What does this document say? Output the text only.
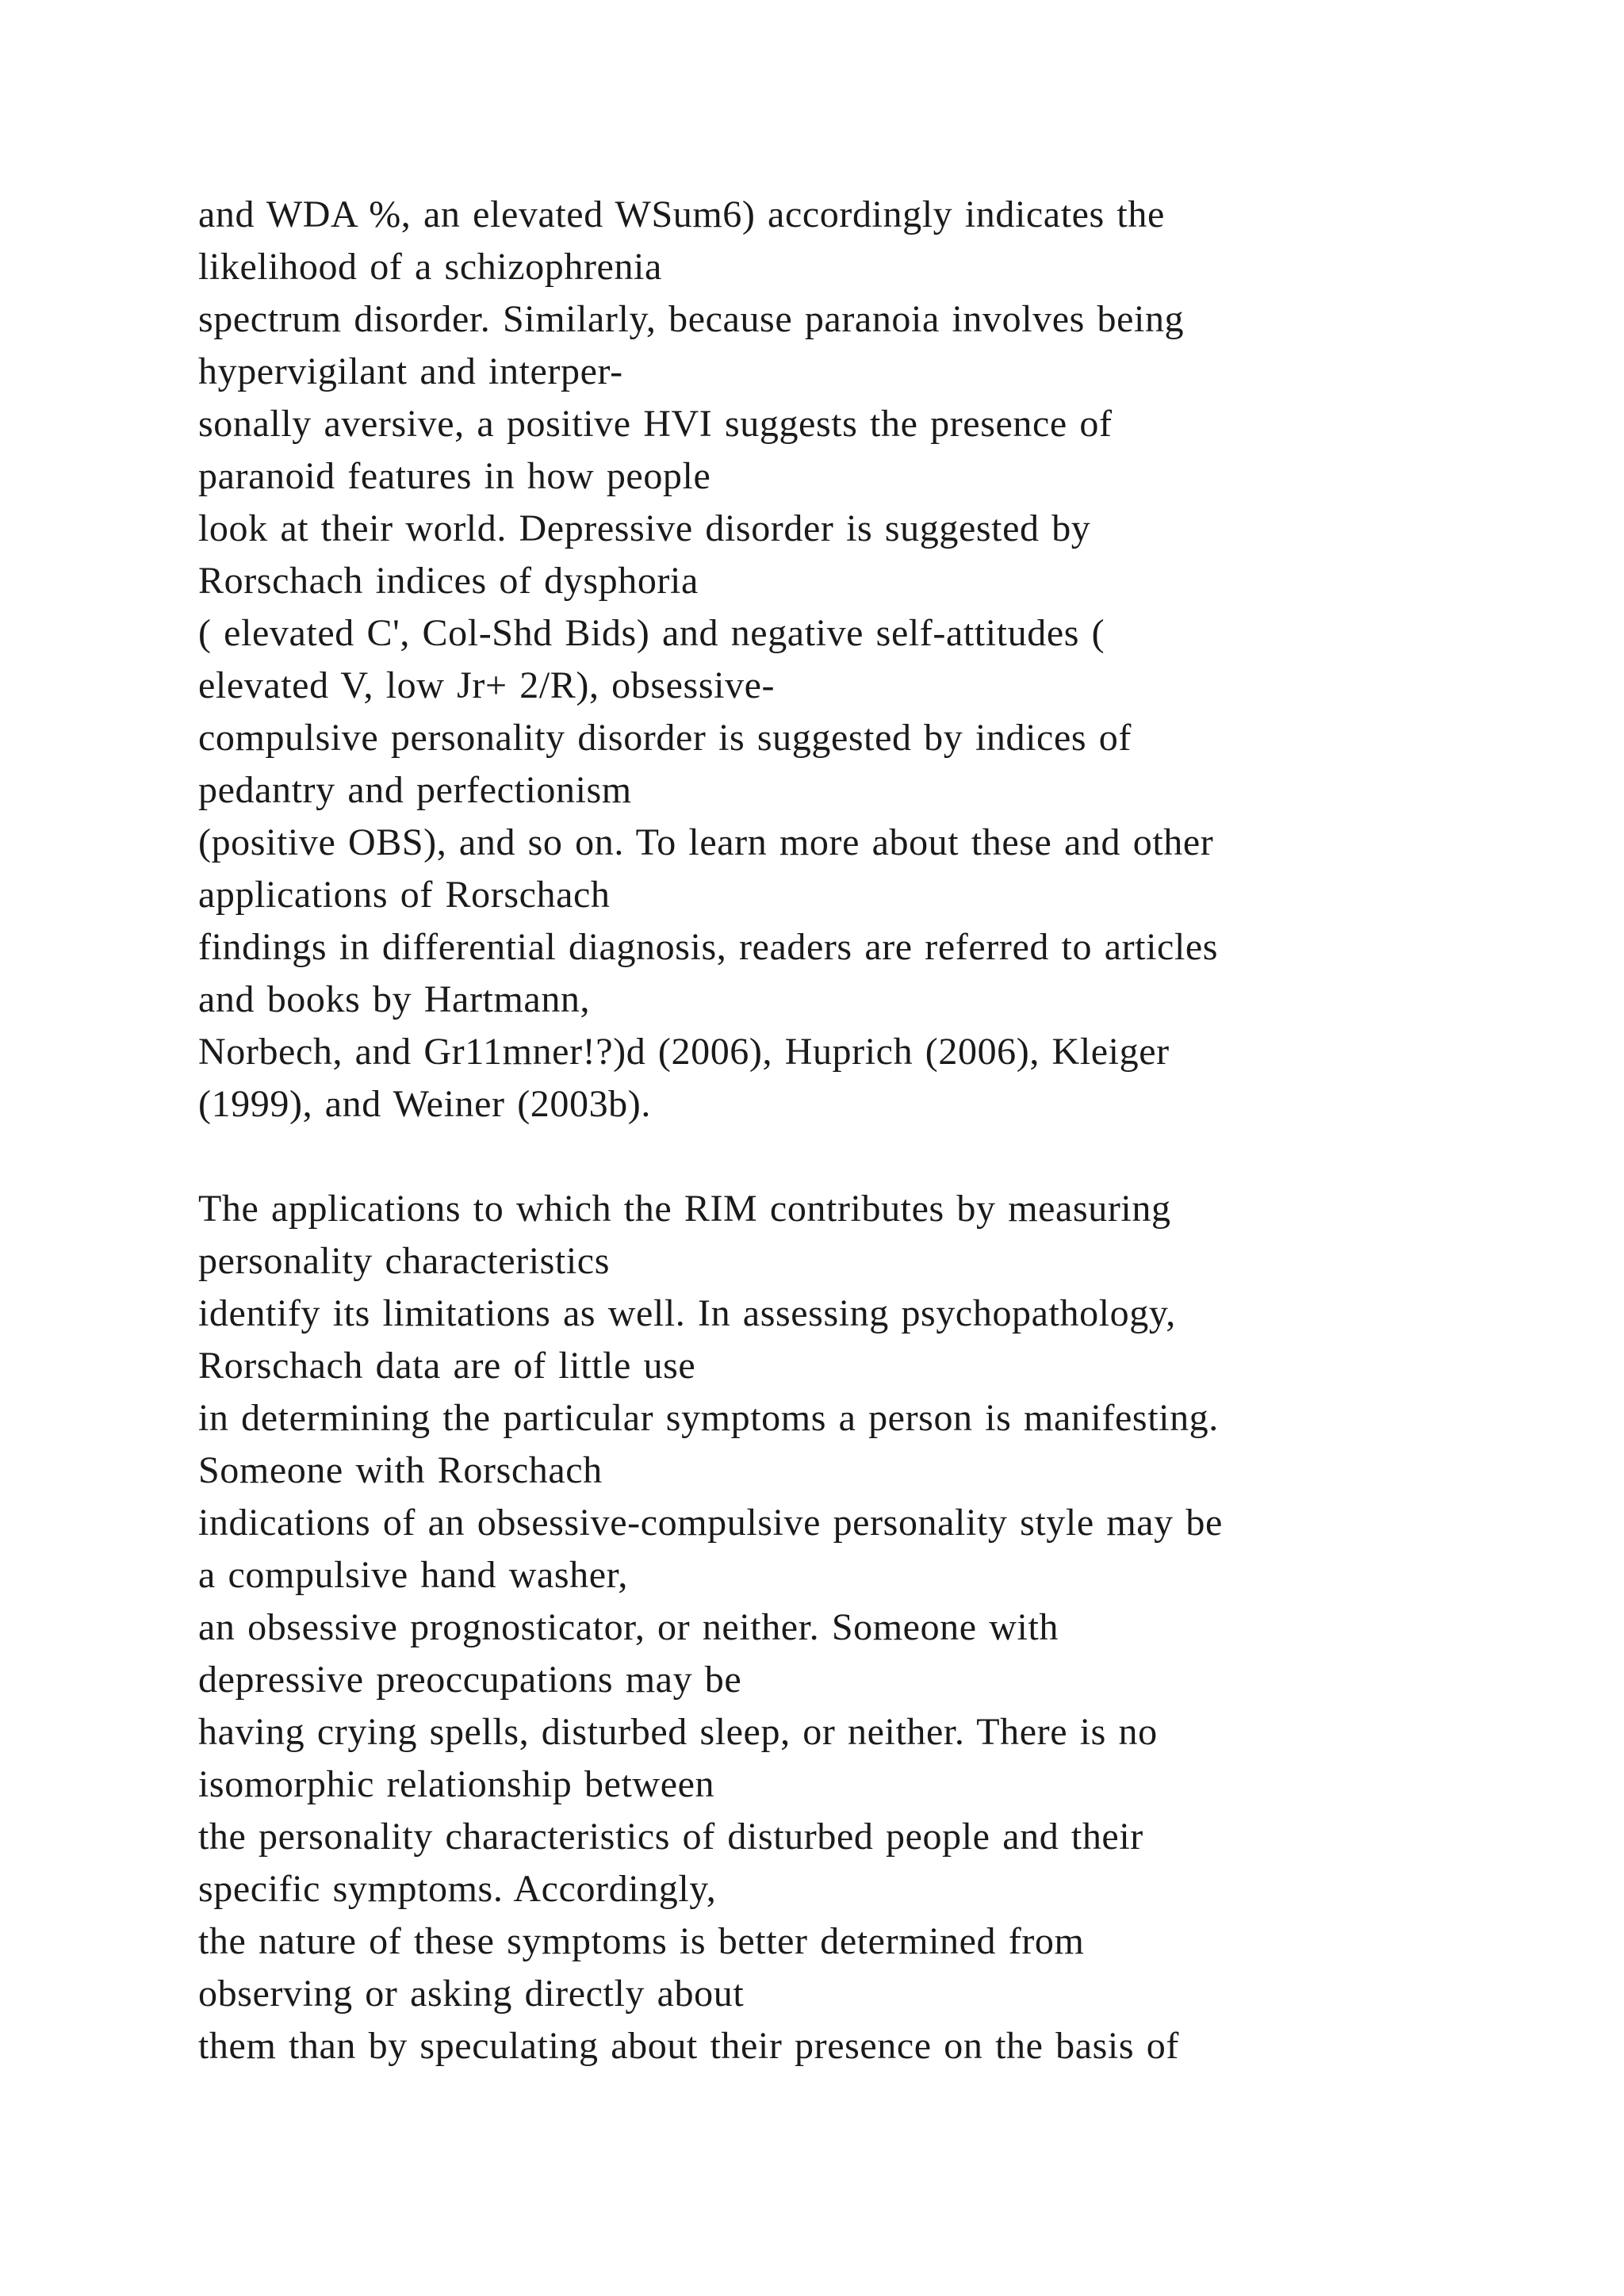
and WDA %, an elevated WSum6) accordingly indicates the
likelihood of a schizophrenia
spectrum disorder. Similarly, because paranoia involves being
hypervigilant and interper-
sonally aversive, a positive HVI suggests the presence of
paranoid features in how people
look at their world. Depressive disorder is suggested by
Rorschach indices of dysphoria
( elevated C', Col-Shd Bids) and negative self-attitudes (
elevated V, low Jr+ 2/R), obsessive-
compulsive personality disorder is suggested by indices of
pedantry and perfectionism
(positive OBS), and so on. To learn more about these and other
applications of Rorschach
findings in differential diagnosis, readers are referred to articles
and books by Hartmann,
Norbech, and Gr11mner!?)d (2006), Huprich (2006), Kleiger
(1999), and Weiner (2003b).
The applications to which the RIM contributes by measuring
personality characteristics
identify its limitations as well. In assessing psychopathology,
Rorschach data are of little use
in determining the particular symptoms a person is manifesting.
Someone with Rorschach
indications of an obsessive-compulsive personality style may be
a compulsive hand washer,
an obsessive prognosticator, or neither. Someone with
depressive preoccupations may be
having crying spells, disturbed sleep, or neither. There is no
isomorphic relationship between
the personality characteristics of disturbed people and their
specific symptoms. Accordingly,
the nature of these symptoms is better determined from
observing or asking directly about
them than by speculating about their presence on the basis of
